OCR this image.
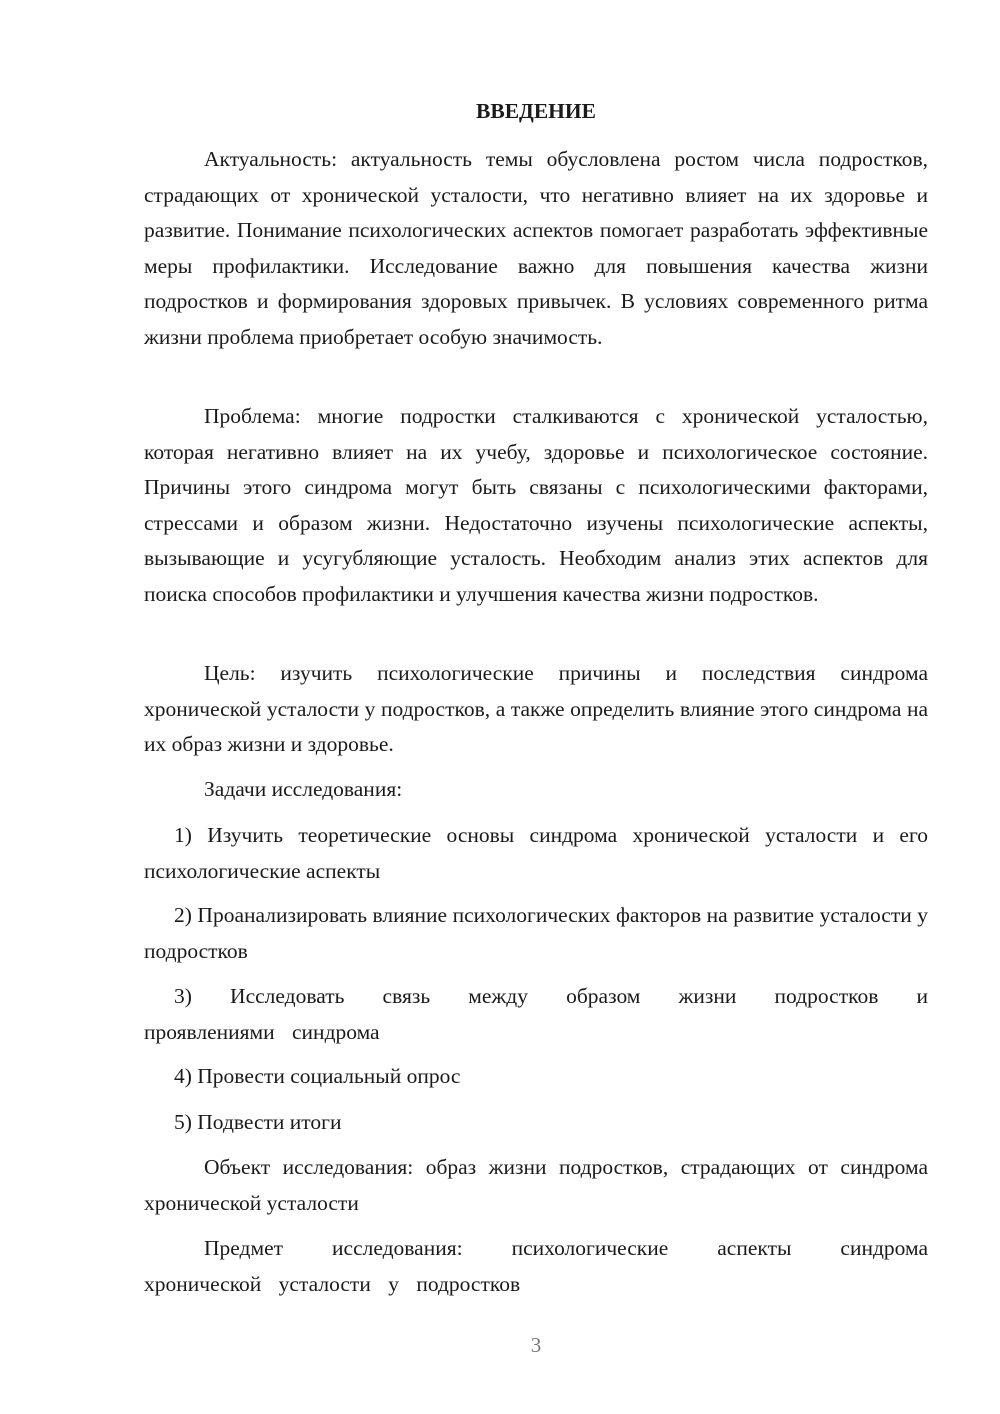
ВВЕДЕНИЕ

Актуальность: актуальность темы обусловлена ростом числа подростков, страдающих от хронической усталости, что негативно влияет на их здоровье и развитие. Понимание психологических аспектов помогает разработать эффективные меры профилактики. Исследование важно для повышения качества жизни подростков и формирования здоровых привычек. В условиях современного ритма жизни проблема приобретает особую значимость.

Проблема: многие подростки сталкиваются с хронической усталостью, которая негативно влияет на их учебу, здоровье и психологическое состояние. Причины этого синдрома могут быть связаны с психологическими факторами, стрессами и образом жизни. Недостаточно изучены психологические аспекты, вызывающие и усугубляющие усталость. Необходим анализ этих аспектов для поиска способов профилактики и улучшения качества жизни подростков.

Цель: изучить психологические причины и последствия синдрома хронической усталости у подростков, а также определить влияние этого синдрома на их образ жизни и здоровье.

Задачи исследования:

1) Изучить теоретические основы синдрома хронической усталости и его психологические аспекты

2) Проанализировать влияние психологических факторов на развитие усталости у подростков

3) Исследовать связь между образом жизни подростков и проявлениями синдрома

4) Провести социальный опрос

5) Подвести итоги

Объект исследования: образ жизни подростков, страдающих от синдрома хронической усталости

Предмет исследования: психологические аспекты синдрома хронической усталости у подростков

3
